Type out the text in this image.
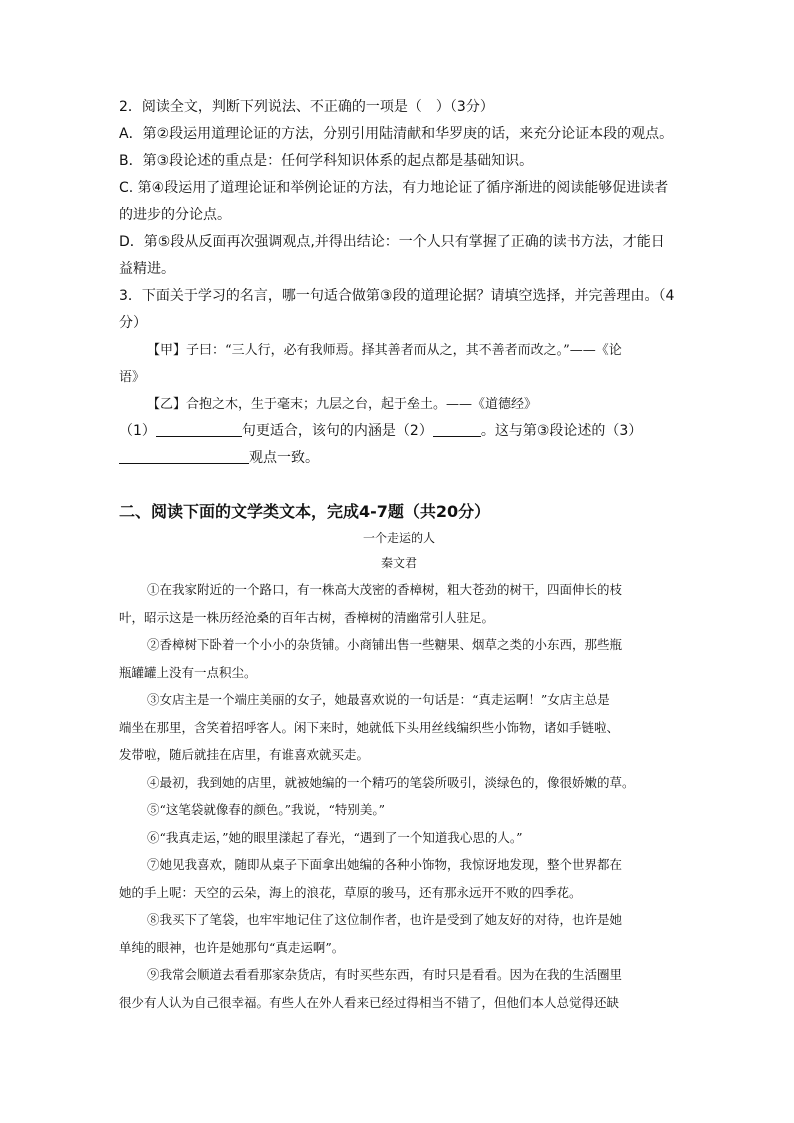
2．阅读全文，判断下列说法、不正确的一项是（　）（3分）
A．第②段运用道理论证的方法，分别引用陆清献和华罗庚的话，来充分论证本段的观点。
B．第③段论述的重点是：任何学科知识体系的起点都是基础知识。
C. 第④段运用了道理论证和举例论证的方法，有力地论证了循序渐进的阅读能够促进读者
的进步的分论点。
D．第⑤段从反面再次强调观点,并得出结论：一个人只有掌握了正确的读书方法，才能日
益精进。
3．下面关于学习的名言，哪一句适合做第③段的道理论据？请填空选择，并完善理由。（4
分）
【甲】子曰：“三人行，必有我师焉。择其善者而从之，其不善者而改之。”——《论
语》
【乙】合抱之木，生于毫末；九层之台，起于垒土。——《道德经》
（1）	句更适合，该句的内涵是（2）	。这与第③段论述的（3）
观点一致。
二、阅读下面的文学类文本，完成4-7题（共20分）
一个走运的人
秦文君
①在我家附近的一个路口，有一株高大茂密的香樟树，粗大苍劲的树干，四面伸长的枝
叶，昭示这是一株历经沧桑的百年古树，香樟树的清幽常引人驻足。
②香樟树下卧着一个小小的杂货铺。小商铺出售一些糖果、烟草之类的小东西，那些瓶
瓶罐罐上没有一点积尘。
③女店主是一个端庄美丽的女子，她最喜欢说的一句话是：“真走运啊！”女店主总是
端坐在那里，含笑着招呼客人。闲下来时，她就低下头用丝线编织些小饰物，诸如手链啦、
发带啦，随后就挂在店里，有谁喜欢就买走。
④最初，我到她的店里，就被她编的一个精巧的笔袋所吸引，淡绿色的，像很娇嫩的草。
⑤“这笔袋就像春的颜色。”我说，“特别美。”
⑥“我真走运，”她的眼里漾起了春光，“遇到了一个知道我心思的人。”
⑦她见我喜欢，随即从桌子下面拿出她编的各种小饰物，我惊讶地发现，整个世界都在
她的手上呢：天空的云朵，海上的浪花，草原的骏马，还有那永远开不败的四季花。
⑧我买下了笔袋，也牢牢地记住了这位制作者，也许是受到了她友好的对待，也许是她
单纯的眼神，也许是她那句“真走运啊”。
⑨我常会顺道去看看那家杂货店，有时买些东西，有时只是看看。因为在我的生活圈里
很少有人认为自己很幸福。有些人在外人看来已经过得相当不错了，但他们本人总觉得还缺
